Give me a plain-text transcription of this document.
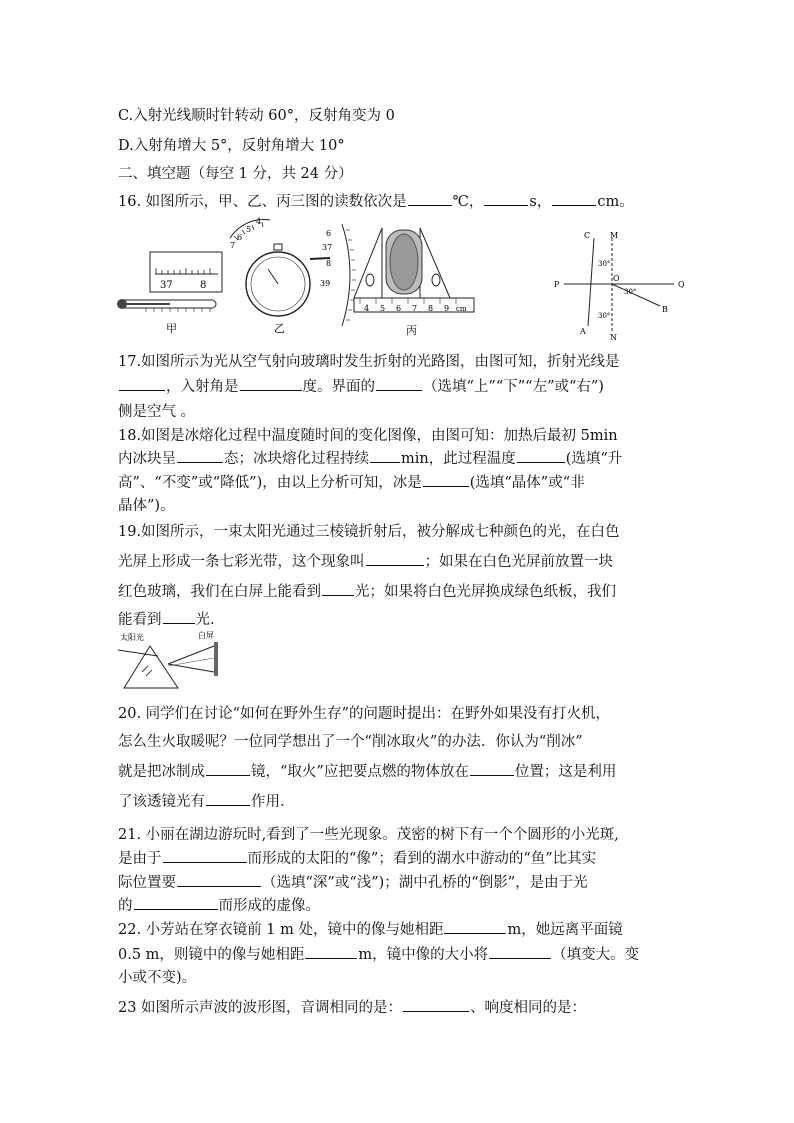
C.入射光线顺时针转动 60°，反射角变为 0
D.入射角增大 5°，反射角增大 10°
二、填空题（每空 1 分，共 24 分）
16. 如图所示，甲、乙、丙三图的读数依次是	℃，	s，	cm。
37	8
甲
4
5
6
7
乙
6
37
8
39
4 5 6 7 8 9 cm
丙
C M
P
O
Q
A
N
B
30°
30°
30°
17.如图所示为光从空气射向玻璃时发生折射的光路图，由图可知，折射光线是
，入射角是	度。界面的	（选填“上”“下”“左”或“右”)
侧是空气 。
18.如图是冰熔化过程中温度随时间的变化图像，由图可知：加热后最初 5min
内冰块呈	态；冰块熔化过程持续 min，此过程温度	(选填“升
高”、“不变”或“降低”)，由以上分析可知，冰是	(选填“晶体”或“非
晶体”)。
19.如图所示，一束太阳光通过三棱镜折射后，被分解成七种颜色的光，在白色
光屏上形成一条七彩光带，这个现象叫	；如果在白色光屏前放置一块
红色玻璃，我们在白屏上能看到 光；如果将白色光屏换成绿色纸板，我们
能看到 光.
太阳光	白屏
20. 同学们在讨论“如何在野外生存”的问题时提出：在野外如果没有打火机，
怎么生火取暖呢？一位同学想出了一个“削冰取火”的办法．你认为“削冰”
就是把冰制成	镜，“取火”应把要点燃的物体放在	位置；这是利用
了该透镜光有	作用．
21. 小丽在湖边游玩时,看到了一些光现象。茂密的树下有一个个圆形的小光斑,
是由于	而形成的太阳的“像”；看到的湖水中游动的“鱼”比其实
际位置要	（选填“深”或“浅”)；湖中孔桥的“倒影”，是由于光
的	而形成的虚像。
22. 小芳站在穿衣镜前 1 m 处，镜中的像与她相距	m，她远离平面镜
0.5 m，则镜中的像与她相距	m，镜中像的大小将	（填变大。变
小或不变)。
23 如图所示声波的波形图，音调相同的是：	、响度相同的是：
